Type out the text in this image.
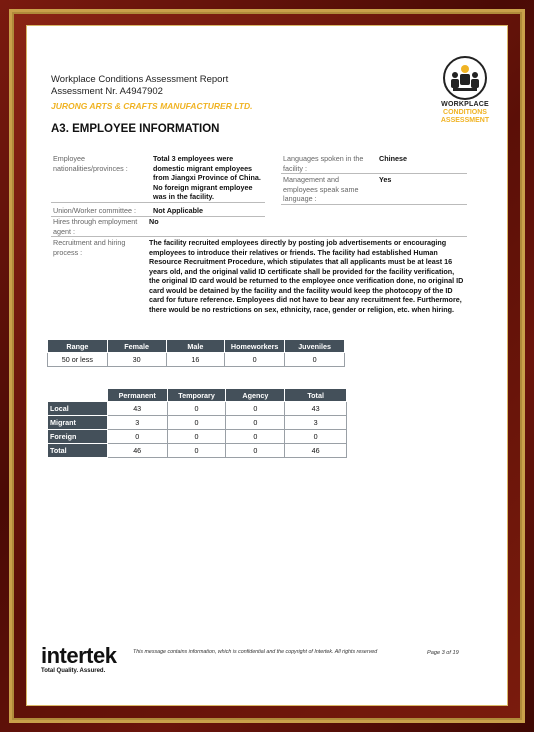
Workplace Conditions Assessment Report
Assessment Nr. A4947902
JURONG ARTS & CRAFTS MANUFACTURER LTD.	WORKPLACE
CONDITIONS
ASSESSMENT
A3. EMPLOYEE INFORMATION
Employee nationalities/provinces :
Total 3 employees were domestic migrant employees from Jiangxi Province of China. No foreign migrant employee was in the facility.
Languages spoken in the facility :
Chinese
Management and employees speak same language :
Yes
Union/Worker committee :	Not Applicable
Hires through employment agent :
No
Recruitment and hiring process :
The facility recruited employees directly by posting job advertisements or encouraging employees to introduce their relatives or friends. The facility had established Human Resource Recruitment Procedure, which stipulates that all applicants must be at least 16 years old, and the original valid ID certificate shall be provided for the facility verification, the original ID card would be returned to the employee once verification done, no original ID card would be detained by the facility and the facility would keep the photocopy of the ID card for future reference. Employees did not have to bear any recruitment fee. Furthermore, there would be no restrictions on sex, ethnicity, race, gender or religion, etc. when hiring.
Range	Female	Male	Homeworkers	Juveniles
50 or less	30	16	0	0
	Permanent	Temporary	Agency	Total
Local	43	0	0	43
Migrant	3	0	0	3
Foreign	0	0	0	0
Total	46	0	0	46
intertek
Total Quality. Assured.
This message contains information, which is confidential and the copyright of Intertek. All rights reserved	Page 3 of 19
